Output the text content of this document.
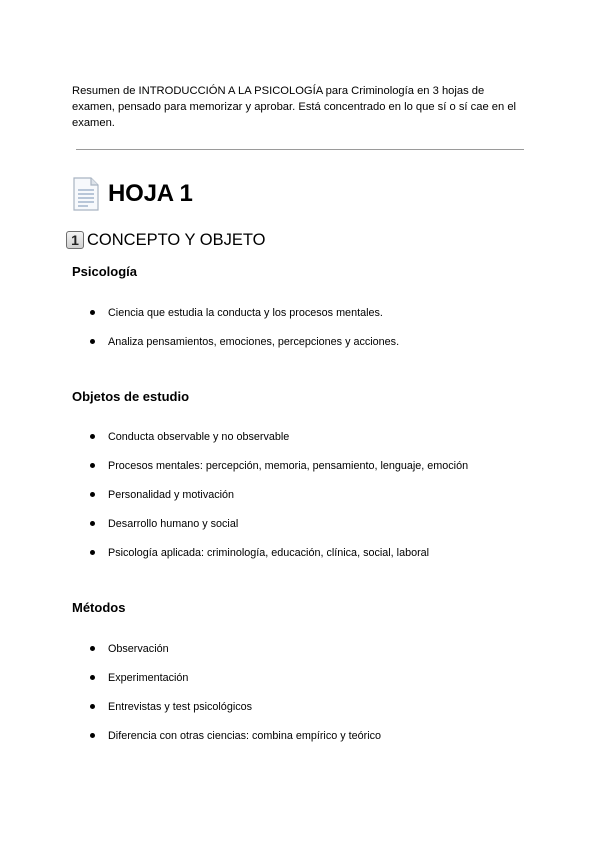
Resumen de INTRODUCCIÓN A LA PSICOLOGÍA para Criminología en 3 hojas de examen, pensado para memorizar y aprobar. Está concentrado en lo que sí o sí cae en el examen.
HOJA 1
1 CONCEPTO Y OBJETO
Psicología
Ciencia que estudia la conducta y los procesos mentales.
Analiza pensamientos, emociones, percepciones y acciones.
Objetos de estudio
Conducta observable y no observable
Procesos mentales: percepción, memoria, pensamiento, lenguaje, emoción
Personalidad y motivación
Desarrollo humano y social
Psicología aplicada: criminología, educación, clínica, social, laboral
Métodos
Observación
Experimentación
Entrevistas y test psicológicos
Diferencia con otras ciencias: combina empírico y teórico
